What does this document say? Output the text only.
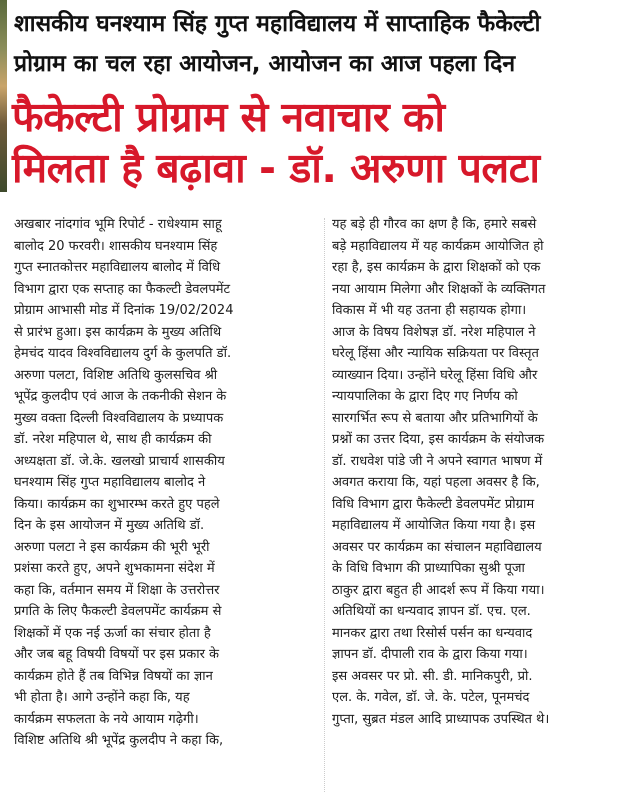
शासकीय घनश्याम सिंह गुप्त महाविद्यालय में साप्ताहिक फैकेल्टी
प्रोग्राम का चल रहा आयोजन, आयोजन का आज पहला दिन
फैकेल्टी प्रोग्राम से नवाचार को
मिलता है बढ़ावा - डॉ. अरुणा पलटा
अखबार नांदगांव भूमि रिपोर्ट - राधेश्याम साहू
बालोद 20 फरवरी। शासकीय घनश्याम सिंह
गुप्त स्नातकोत्तर महाविद्यालय बालोद में विधि
विभाग द्वारा एक सप्ताह का फैकल्टी डेवलपमेंट
प्रोग्राम आभासी मोड में दिनांक 19/02/2024
से प्रारंभ हुआ। इस कार्यक्रम के मुख्य अतिथि
हेमचंद यादव विश्वविद्यालय दुर्ग के कुलपति डॉ.
अरुणा पलटा, विशिष्ट अतिथि कुलसचिव श्री
भूपेंद्र कुलदीप एवं आज के तकनीकी सेशन के
मुख्य वक्ता दिल्ली विश्वविद्यालय के प्रध्यापक
डॉ. नरेश महिपाल थे, साथ ही कार्यक्रम की
अध्यक्षता डॉ. जे.के. खलखो प्राचार्य शासकीय
घनश्याम सिंह गुप्त महाविद्यालय बालोद ने
किया। कार्यक्रम का शुभारम्भ करते हुए पहले
दिन के इस आयोजन में मुख्य अतिथि डॉ.
अरुणा पलटा ने इस कार्यक्रम की भूरी भूरी
प्रशंसा करते हुए, अपने शुभकामना संदेश में
कहा कि, वर्तमान समय में शिक्षा के उत्तरोत्तर
प्रगति के लिए फैकल्टी डेवलपमेंट कार्यक्रम से
शिक्षकों में एक नई ऊर्जा का संचार होता है
और जब बहू विषयी विषयों पर इस प्रकार के
कार्यक्रम होते हैं तब विभिन्न विषयों का ज्ञान
भी होता है। आगे उन्होंने कहा कि, यह
कार्यक्रम सफलता के नये आयाम गढ़ेगी।
विशिष्ट अतिथि श्री भूपेंद्र कुलदीप ने कहा कि,
यह बड़े ही गौरव का क्षण है कि, हमारे सबसे
बड़े महाविद्यालय में यह कार्यक्रम आयोजित हो
रहा है, इस कार्यक्रम के द्वारा शिक्षकों को एक
नया आयाम मिलेगा और शिक्षकों के व्यक्तिगत
विकास में भी यह उतना ही सहायक होगा।
आज के विषय विशेषज्ञ डॉ. नरेश महिपाल ने
घरेलू हिंसा और न्यायिक सक्रियता पर विस्तृत
व्याख्यान दिया। उन्होंने घरेलू हिंसा विधि और
न्यायपालिका के द्वारा दिए गए निर्णय को
सारगर्भित रूप से बताया और प्रतिभागियों के
प्रश्नों का उत्तर दिया, इस कार्यक्रम के संयोजक
डॉ. राधवेश पांडे जी ने अपने स्वागत भाषण में
अवगत कराया कि, यहां पहला अवसर है कि,
विधि विभाग द्वारा फैकेल्टी डेवलपमेंट प्रोग्राम
महाविद्यालय में आयोजित किया गया है। इस
अवसर पर कार्यक्रम का संचालन महाविद्यालय
के विधि विभाग की प्राध्यापिका सुश्री पूजा
ठाकुर द्वारा बहुत ही आदर्श रूप में किया गया।
अतिथियों का धन्यवाद ज्ञापन डॉ. एच. एल.
मानकर द्वारा तथा रिसोर्स पर्सन का धन्यवाद
ज्ञापन डॉ. दीपाली राव के द्वारा किया गया।
इस अवसर पर प्रो. सी. डी. मानिकपुरी, प्रो.
एल. के. गवेल, डॉ. जे. के. पटेल, पूनमचंद
गुप्ता, सुब्रत मंडल आदि प्राध्यापक उपस्थित थे।
